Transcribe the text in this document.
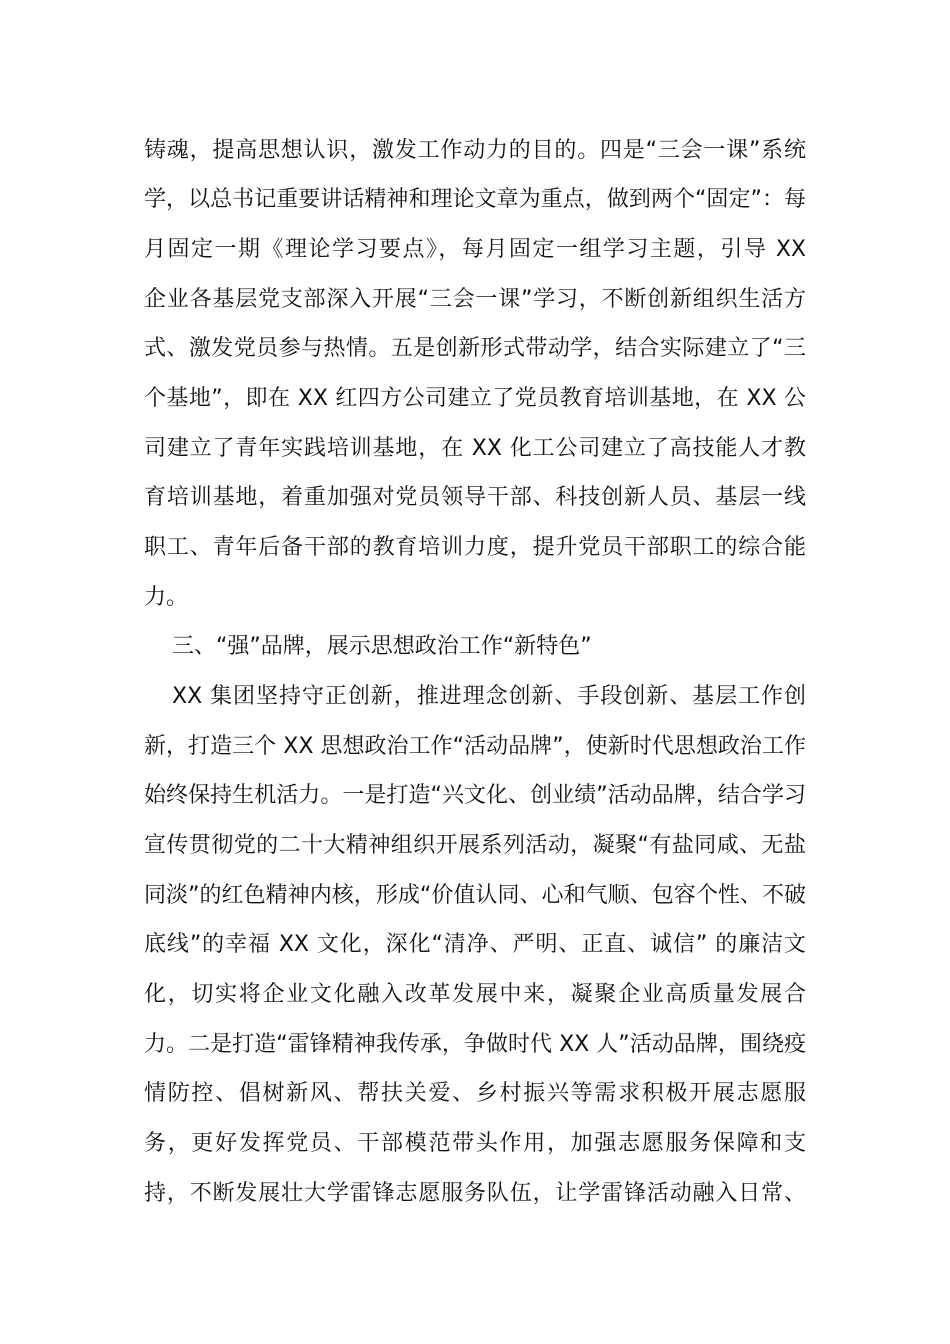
铸魂，提高思想认识，激发工作动力的目的。四是“三会一课”系统
学，以总书记重要讲话精神和理论文章为重点，做到两个“固定”：每
月固定一期《理论学习要点》，每月固定一组学习主题，引导 XX
企业各基层党支部深入开展“三会一课”学习，不断创新组织生活方
式、激发党员参与热情。五是创新形式带动学，结合实际建立了“三
个基地”，即在 XX 红四方公司建立了党员教育培训基地，在 XX 公
司建立了青年实践培训基地，在 XX 化工公司建立了高技能人才教
育培训基地，着重加强对党员领导干部、科技创新人员、基层一线
职工、青年后备干部的教育培训力度，提升党员干部职工的综合能
力。
三、“强”品牌，展示思想政治工作“新特色”
XX 集团坚持守正创新，推进理念创新、手段创新、基层工作创
新，打造三个 XX 思想政治工作“活动品牌”，使新时代思想政治工作
始终保持生机活力。一是打造“兴文化、创业绩”活动品牌，结合学习
宣传贯彻党的二十大精神组织开展系列活动，凝聚“有盐同咸、无盐
同淡”的红色精神内核，形成“价值认同、心和气顺、包容个性、不破
底线”的幸福 XX 文化，深化“清净、严明、正直、诚信” 的廉洁文
化，切实将企业文化融入改革发展中来，凝聚企业高质量发展合
力。二是打造“雷锋精神我传承，争做时代 XX 人”活动品牌，围绕疫
情防控、倡树新风、帮扶关爱、乡村振兴等需求积极开展志愿服
务，更好发挥党员、干部模范带头作用，加强志愿服务保障和支
持，不断发展壮大学雷锋志愿服务队伍，让学雷锋活动融入日常、
